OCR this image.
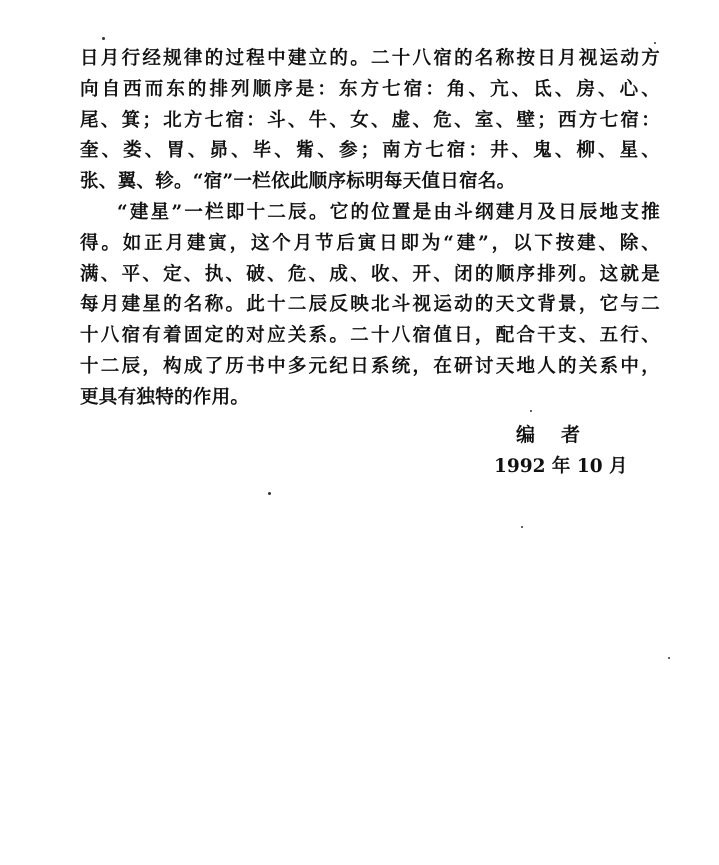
日月行经规律的过程中建立的。二十八宿的名称按日月视运动方
向自西而东的排列顺序是：东方七宿：角、亢、氐、房、心、
尾、箕；北方七宿：斗、牛、女、虚、危、室、壁；西方七宿：
奎、娄、胃、昴、毕、觜、参；南方七宿：井、鬼、柳、星、
张、翼、轸。“宿”一栏依此顺序标明每天值日宿名。
“建星”一栏即十二辰。它的位置是由斗纲建月及日辰地支推
得。如正月建寅，这个月节后寅日即为“建”，以下按建、除、
满、平、定、执、破、危、成、收、开、闭的顺序排列。这就是
每月建星的名称。此十二辰反映北斗视运动的天文背景，它与二
十八宿有着固定的对应关系。二十八宿值日，配合干支、五行、
十二辰，构成了历书中多元纪日系统，在研讨天地人的关系中，
更具有独特的作用。
编者
1992 年 10 月
